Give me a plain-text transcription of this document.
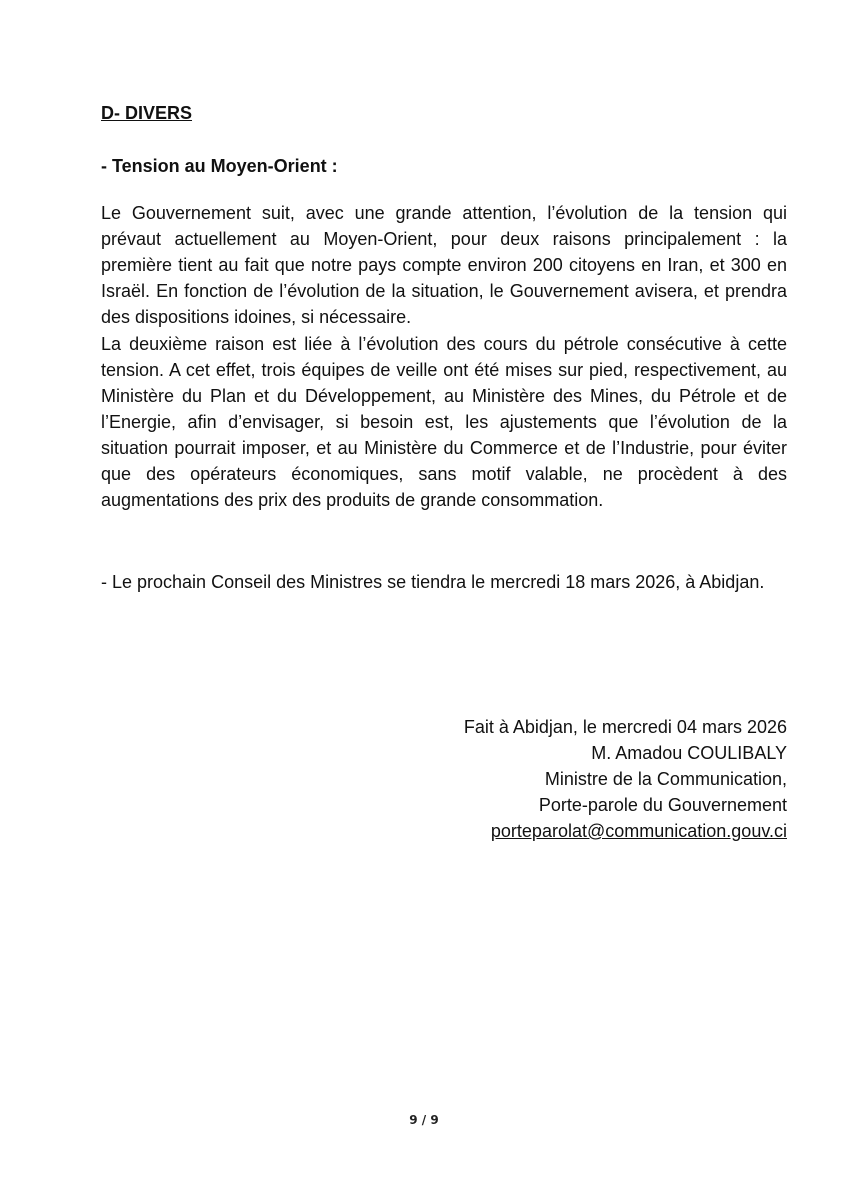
D- DIVERS
- Tension au Moyen-Orient :

Le Gouvernement suit, avec une grande attention, l’évolution de la tension qui prévaut actuellement au Moyen-Orient, pour deux raisons principalement : la première tient au fait que notre pays compte environ 200 citoyens en Iran, et 300 en Israël. En fonction de l’évolution de la situation, le Gouvernement avisera, et prendra des dispositions idoines, si nécessaire.

La deuxième raison est liée à l’évolution des cours du pétrole consécutive à cette tension. A cet effet, trois équipes de veille ont été mises sur pied, respectivement, au Ministère du Plan et du Développement, au Ministère des Mines, du Pétrole et de l’Energie, afin d’envisager, si besoin est, les ajustements que l’évolution de la situation pourrait imposer, et au Ministère du Commerce et de l’Industrie, pour éviter que des opérateurs économiques, sans motif valable, ne procèdent à des augmentations des prix des produits de grande consommation.

- Le prochain Conseil des Ministres se tiendra le mercredi 18 mars 2026, à Abidjan.

Fait à Abidjan, le mercredi 04 mars 2026
M. Amadou COULIBALY
Ministre de la Communication,
Porte-parole du Gouvernement
porteparolat@communication.gouv.ci
9 / 9
